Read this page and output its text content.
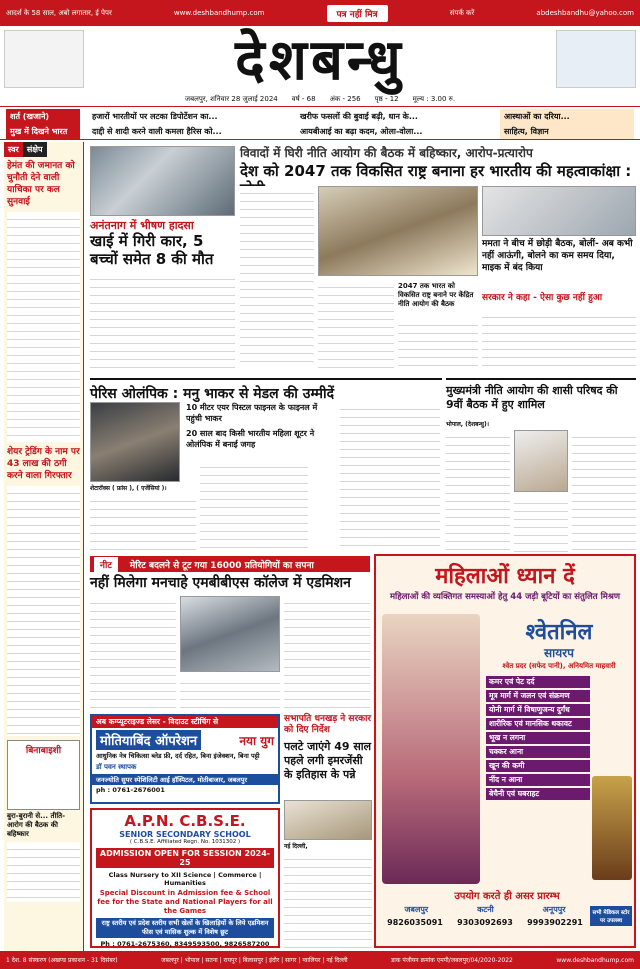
आदर्श के 58 साल, अबो लगातार, ई पेपर	www.deshbandhump.com	पत्र नहीं मित्र	संपर्क करें	abdeshbandhu@yahoo.com
देशबन्धु
जबलपुर, शनिवार 28 जुलाई 2024 वर्ष - 68 अंक - 256 पृष्ठ - 12 मूल्य : 3.00 रु.
शर्त (खजाने)
मुख में दिखने भारत
हजारों भारतीयों पर लटका डिपोर्टेशन का...	खरीफ फसलों की बुवाई बढ़ी, धान के...	आस्थाओं का दरिया...
दाद्दी से शादी करने वाली कमला हैरिस को...	आयबीआई का बढ़ा कदम, ओला-वोला...	साहित्य, विज्ञान
स्वर	संक्षेप
हेमंत की जमानत को चुनौती देने वाली याचिका पर कल सुनवाई
शेयर ट्रेडिंग के नाम पर 43 लाख की ठगी करने वाला गिरफ्तार
बिनाबाइशी
बुरा-बुरानी से... तीति-आरोग की बैठक की बहिष्कार
विवादों में घिरी नीति आयोग की बैठक में बहिष्कार, आरोप-प्रत्यारोप
देश को 2047 तक विकसित राष्ट्र बनाना हर भारतीय की महत्वाकांक्षा :
अनंतनाग में भीषण हादसा
खाई में गिरी कार, 5 बच्चों समेत 8 की मौत
2047 तक भारत को विकसित राष्ट्र बनाने पर केंद्रित नीति आयोग की बैठक
ममता ने बीच में छोड़ी बैठक, बोलीं- अब कभी नहीं आऊंगी, बोलने का कम समय दिया, माइक में बंद किया
सरकार ने कहा - ऐसा कुछ नहीं हुआ
पेरिस ओलंपिक : मनु भाकर से मेडल की उम्मीदें
10 मीटर एयर पिस्टल फाइनल के फाइनल में पहुंची भाकर
20 साल बाद किसी भारतीय महिला शूटर ने ओलंपिक में बनाई जगह
शेटारॉक्स ( फ्रांस ), ( एजेंसियां )।
मुख्यमंत्री नीति आयोग की शासी परिषद की 9वीं बैठक में हुए शामिल
भोपाल, (देशबन्धु)।
नीट	मेरिट बदलने से टूट गया 16000 प्रतियोगियों का सपना
नहीं मिलेगा मनचाहे एमबीबीएस कॉलेज में एडमिशन	महिलाओं ध्यान दें
महिलाओं की व्यक्तिगत समस्याओं हेतु 44 जड़ी बूटियों का संतुलित मिश्रण
श्वेतनिल
सायरप
श्वेत प्रदर (सफेद पानी), अनियमित माहवारी
कमर एवं पेट दर्द
मूत्र मार्ग में जलन एवं संक्रमण
योनी मार्ग में विषाणुजन्य दुर्गंध
शारीरिक एवं मानसिक थकावट
भूख न लगना
चक्कर आना
खून की कमी
नींद न आना
बेचैनी एवं घबराहट
उपयोग करते ही असर प्रारम्भ
जबलपुर	कटनी	अनूपपुर
9826035091 9303092693 9993902291
सभी मेडिकल स्टोर पर उपलब्ध
अब कम्प्यूटराइज्ड लेसर - विदाउट स्टीचिंग से
मोतियाबिंद ऑपरेशन	नया युग
आधुनिक नेत्र चिकित्सा ब्लेड फ्री, दर्द रहित, बिना इंजेक्शन, बिना पट्टी
डॉ पवन स्थापक
जनज्योति सुपर स्पेशिलिटी आई हॉस्पिटल, मोतीबाजार, जबलपुर
ph : 0761-2676001
A.P.N. C.B.S.E.
SENIOR SECONDARY SCHOOL
( C.B.S.E. Affiliated Regn. No. 1031302 )
ADMISSION OPEN FOR SESSION 2024-25
Class Nursery to XII Science | Commerce | Humanities
Special Discount in Admission fee & School fee for the State and National Players for all the Games
राष्ट्र स्तरीय एवं प्रदेश स्तरीय सभी खेलों के खिलाड़ियों के लिये एडमिशन फीस एवं मासिक शुल्क में विशेष छूट
Ph : 0761-2675360, 8349593500, 9826587200
सभापति धनखड़ ने सरकार को दिए निर्देश
पलटे जाएंगे 49 साल पहले लगी इमरजेंसी के इतिहास के पन्ने
नई दिल्ली,
1 देश. 8 संस्करण (अखण्ड प्रकाशन - 31 दिसंबर)	जबलपुर | भोपाल | सतना | रायपुर | बिलासपुर | इंदौर | सागर | ग्वालियर | नई दिल्ली	डाक पंजीयन क्रमांक एमपी/जबलपुर/04/2020-2022	www.deshbandhump.com
